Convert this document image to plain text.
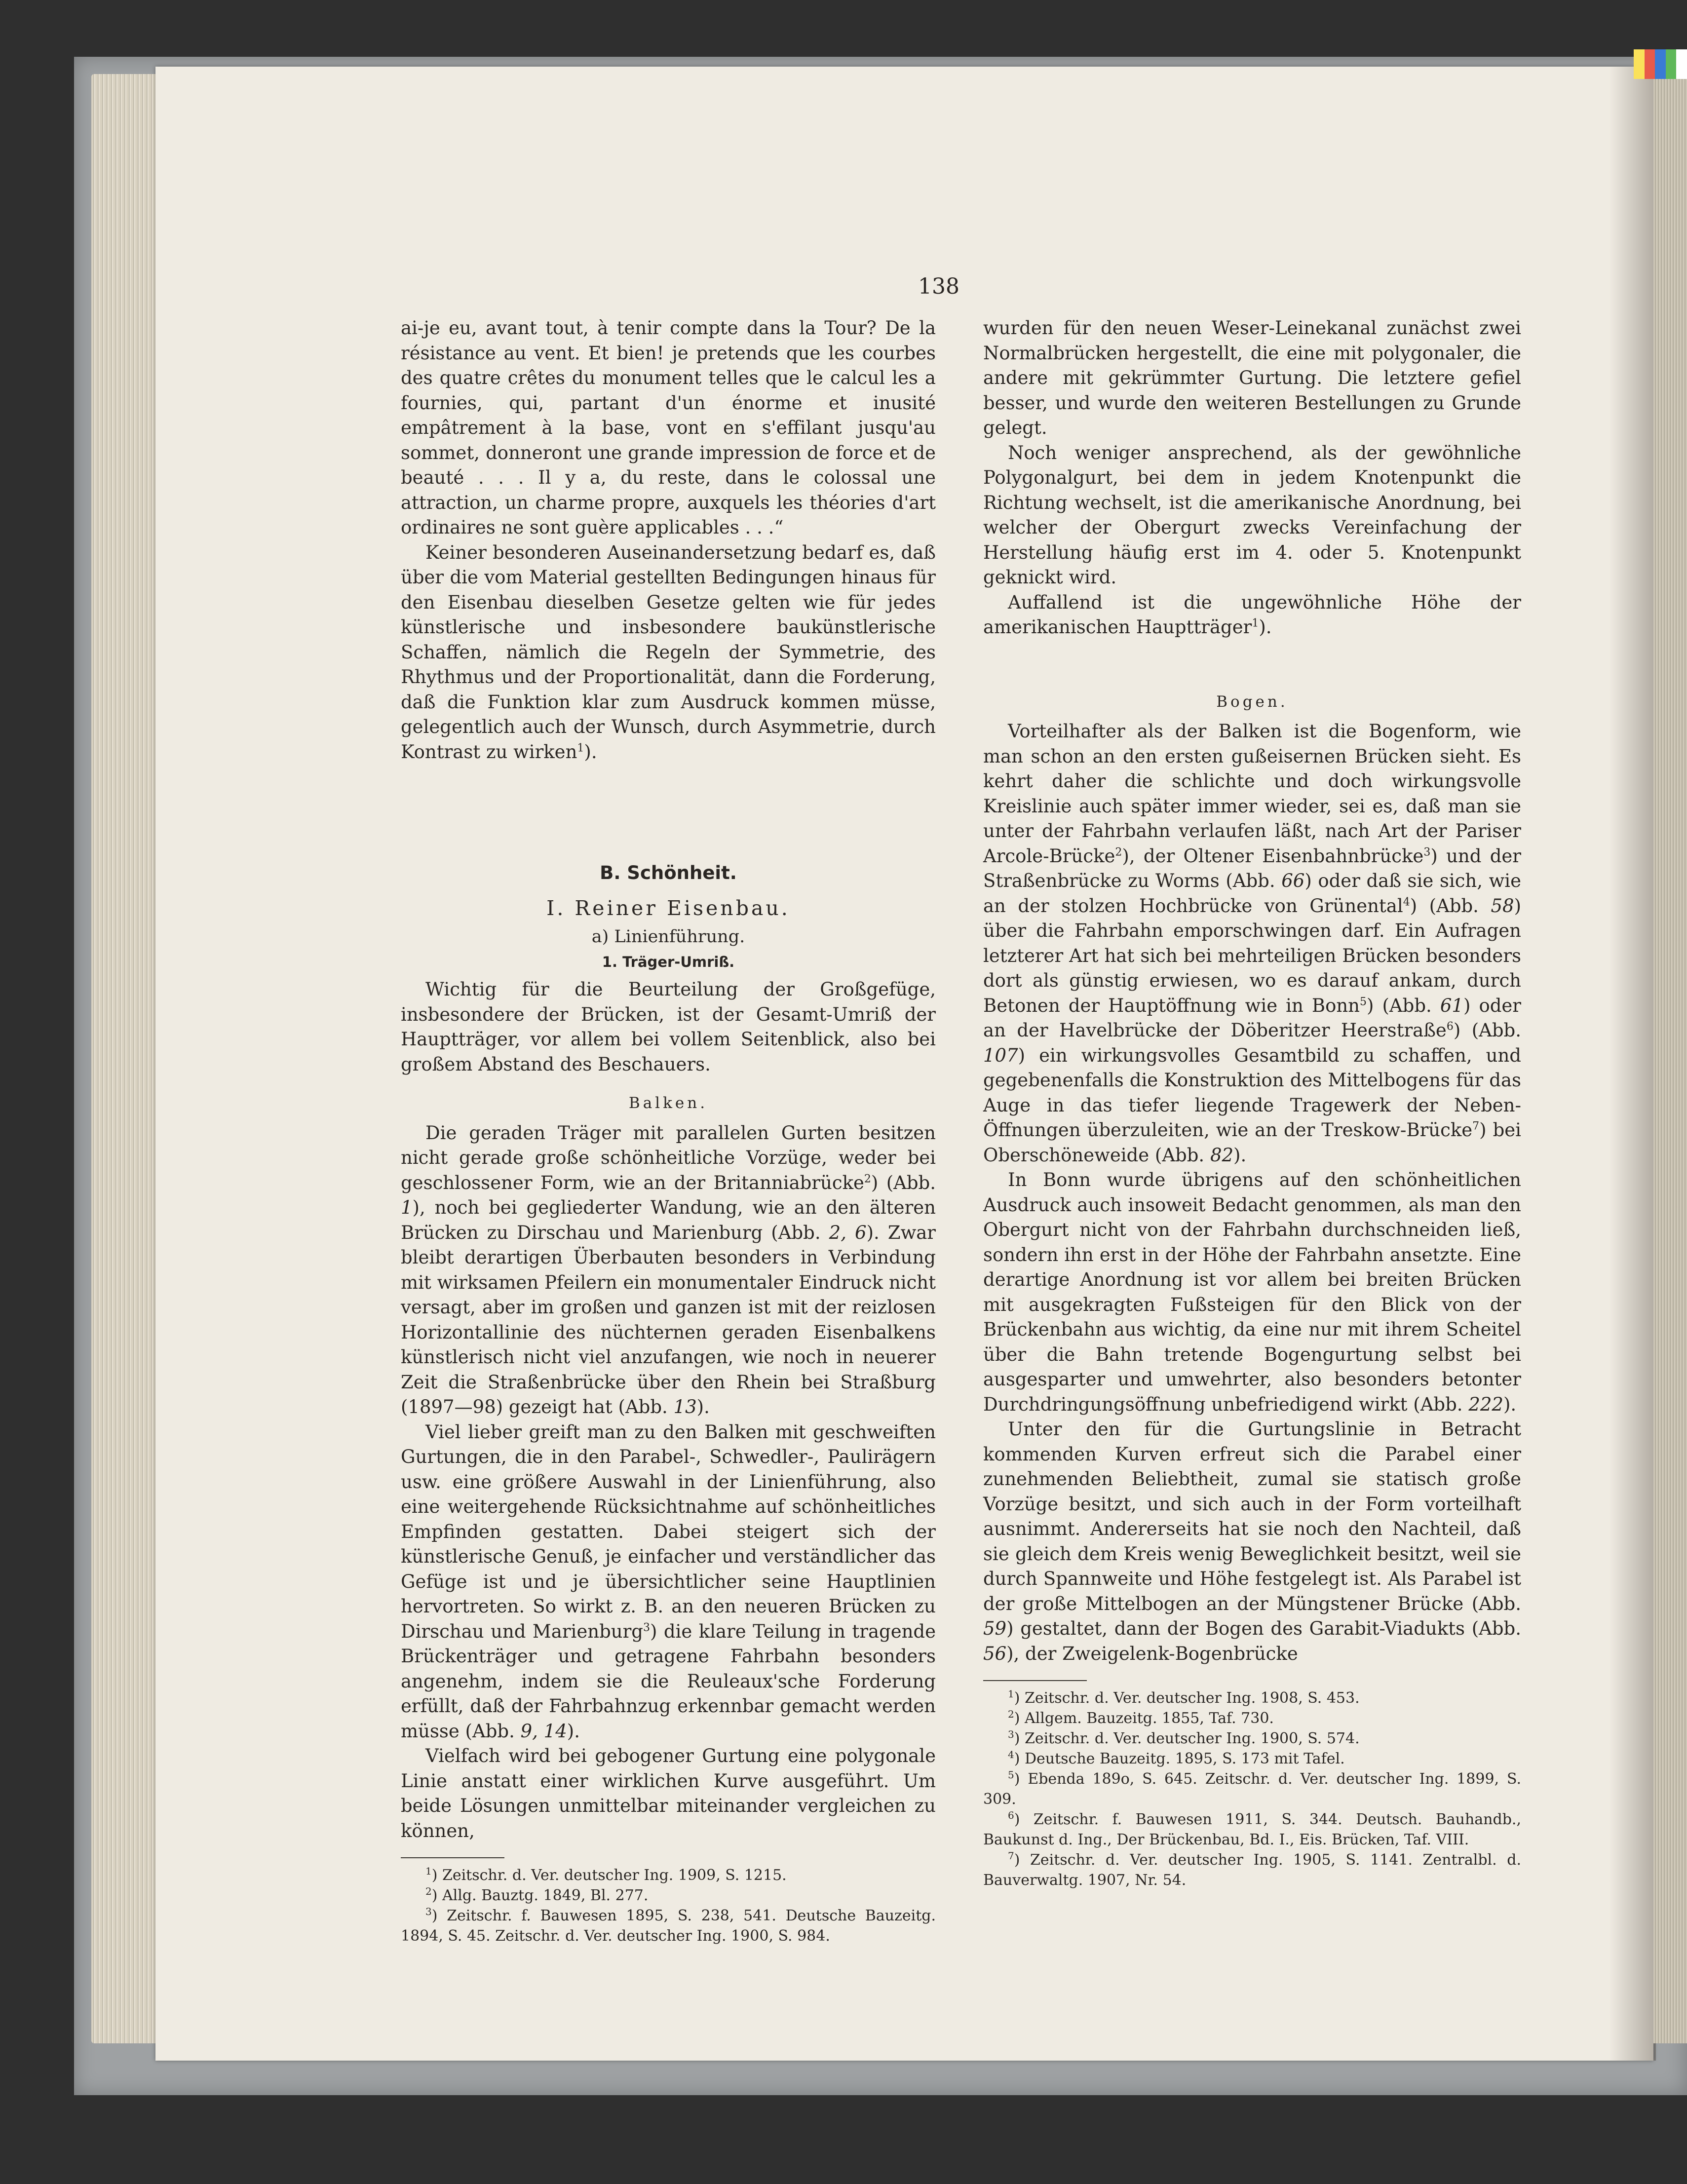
138

ai-je eu, avant tout, à tenir compte dans la Tour? De la résistance au vent. Et bien! je pretends que les courbes des quatre crêtes du monument telles que le calcul les a fournies, qui, partant d'un énorme et inusité empâtrement à la base, vont en s'effilant jusqu'au sommet, donneront une grande impression de force et de beauté . . . Il y a, du reste, dans le colossal une attraction, un charme propre, auxquels les théories d'art ordinaires ne sont guère applicables . . .“

Keiner besonderen Auseinandersetzung bedarf es, daß über die vom Material gestellten Bedingungen hinaus für den Eisenbau dieselben Gesetze gelten wie für jedes künstlerische und insbesondere baukünstlerische Schaffen, nämlich die Regeln der Symmetrie, des Rhythmus und der Proportionalität, dann die Forderung, daß die Funktion klar zum Ausdruck kommen müsse, gelegentlich auch der Wunsch, durch Asymmetrie, durch Kontrast zu wirken$^1$).

B. Schönheit.
I. Reiner Eisenbau.
a) Linienführung.
1. Träger-Umriß.

Wichtig für die Beurteilung der Großgefüge, insbesondere der Brücken, ist der Gesamt-Umriß der Hauptträger, vor allem bei vollem Seitenblick, also bei großem Abstand des Beschauers.

Balken.

Die geraden Träger mit parallelen Gurten besitzen nicht gerade große schönheitliche Vorzüge, weder bei geschlossener Form, wie an der Britanniabrücke$^2$) (Abb. 1), noch bei gegliederter Wandung, wie an den älteren Brücken zu Dirschau und Marienburg (Abb. 2, 6). Zwar bleibt derartigen Überbauten besonders in Verbindung mit wirksamen Pfeilern ein monumentaler Eindruck nicht versagt, aber im großen und ganzen ist mit der reizlosen Horizontallinie des nüchternen geraden Eisenbalkens künstlerisch nicht viel anzufangen, wie noch in neuerer Zeit die Straßenbrücke über den Rhein bei Straßburg (1897—98) gezeigt hat (Abb. 13).

Viel lieber greift man zu den Balken mit geschweiften Gurtungen, die in den Parabel-, Schwedler-, Paulirägern usw. eine größere Auswahl in der Linienführung, also eine weitergehende Rücksichtnahme auf schönheitliches Empfinden gestatten. Dabei steigert sich der künstlerische Genuß, je einfacher und verständlicher das Gefüge ist und je übersichtlicher seine Hauptlinien hervortreten. So wirkt z. B. an den neueren Brücken zu Dirschau und Marienburg$^3$) die klare Teilung in tragende Brückenträger und getragene Fahrbahn besonders angenehm, indem sie die Reuleaux'sche Forderung erfüllt, daß der Fahrbahnzug erkennbar gemacht werden müsse (Abb. 9, 14).

Vielfach wird bei gebogener Gurtung eine polygonale Linie anstatt einer wirklichen Kurve ausgeführt. Um beide Lösungen unmittelbar miteinander vergleichen zu können,

$^1$) Zeitschr. d. Ver. deutscher Ing. 1909, S. 1215.

$^2$) Allg. Bauztg. 1849, Bl. 277.

$^3$) Zeitschr. f. Bauwesen 1895, S. 238, 541. Deutsche Bauzeitg. 1894, S. 45. Zeitschr. d. Ver. deutscher Ing. 1900, S. 984.

wurden für den neuen Weser-Leinekanal zunächst zwei Normalbrücken hergestellt, die eine mit polygonaler, die andere mit gekrümmter Gurtung. Die letztere gefiel besser, und wurde den weiteren Bestellungen zu Grunde gelegt.

Noch weniger ansprechend, als der gewöhnliche Polygonalgurt, bei dem in jedem Knotenpunkt die Richtung wechselt, ist die amerikanische Anordnung, bei welcher der Obergurt zwecks Vereinfachung der Herstellung häufig erst im 4. oder 5. Knotenpunkt geknickt wird.

Auffallend ist die ungewöhnliche Höhe der amerikanischen Hauptträger$^1$).

Bogen.

Vorteilhafter als der Balken ist die Bogenform, wie man schon an den ersten gußeisernen Brücken sieht. Es kehrt daher die schlichte und doch wirkungsvolle Kreislinie auch später immer wieder, sei es, daß man sie unter der Fahrbahn verlaufen läßt, nach Art der Pariser Arcole-Brücke$^2$), der Oltener Eisenbahnbrücke$^3$) und der Straßenbrücke zu Worms (Abb. 66) oder daß sie sich, wie an der stolzen Hochbrücke von Grünental$^4$) (Abb. 58) über die Fahrbahn emporschwingen darf. Ein Aufragen letzterer Art hat sich bei mehrteiligen Brücken besonders dort als günstig erwiesen, wo es darauf ankam, durch Betonen der Hauptöffnung wie in Bonn$^5$) (Abb. 61) oder an der Havelbrücke der Döberitzer Heerstraße$^6$) (Abb. 107) ein wirkungsvolles Gesamtbild zu schaffen, und gegebenenfalls die Konstruktion des Mittelbogens für das Auge in das tiefer liegende Tragewerk der Neben-Öffnungen überzuleiten, wie an der Treskow-Brücke$^7$) bei Oberschöneweide (Abb. 82).

In Bonn wurde übrigens auf den schönheitlichen Ausdruck auch insoweit Bedacht genommen, als man den Obergurt nicht von der Fahrbahn durchschneiden ließ, sondern ihn erst in der Höhe der Fahrbahn ansetzte. Eine derartige Anordnung ist vor allem bei breiten Brücken mit ausgekragten Fußsteigen für den Blick von der Brückenbahn aus wichtig, da eine nur mit ihrem Scheitel über die Bahn tretende Bogengurtung selbst bei ausgesparter und umwehrter, also besonders betonter Durchdringungsöffnung unbefriedigend wirkt (Abb. 222).

Unter den für die Gurtungslinie in Betracht kommenden Kurven erfreut sich die Parabel einer zunehmenden Beliebtheit, zumal sie statisch große Vorzüge besitzt, und sich auch in der Form vorteilhaft ausnimmt. Andererseits hat sie noch den Nachteil, daß sie gleich dem Kreis wenig Beweglichkeit besitzt, weil sie durch Spannweite und Höhe festgelegt ist. Als Parabel ist der große Mittelbogen an der Müngstener Brücke (Abb. 59) gestaltet, dann der Bogen des Garabit-Viadukts (Abb. 56), der Zweigelenk-Bogenbrücke

$^1$) Zeitschr. d. Ver. deutscher Ing. 1908, S. 453.

$^2$) Allgem. Bauzeitg. 1855, Taf. 730.

$^3$) Zeitschr. d. Ver. deutscher Ing. 1900, S. 574.

$^4$) Deutsche Bauzeitg. 1895, S. 173 mit Tafel.

$^5$) Ebenda 189o, S. 645. Zeitschr. d. Ver. deutscher Ing. 1899, S. 309.

$^6$) Zeitschr. f. Bauwesen 1911, S. 344. Deutsch. Bauhandb., Baukunst d. Ing., Der Brückenbau, Bd. I., Eis. Brücken, Taf. VIII.

$^7$) Zeitschr. d. Ver. deutscher Ing. 1905, S. 1141. Zentralbl. d. Bauverwaltg. 1907, Nr. 54.
